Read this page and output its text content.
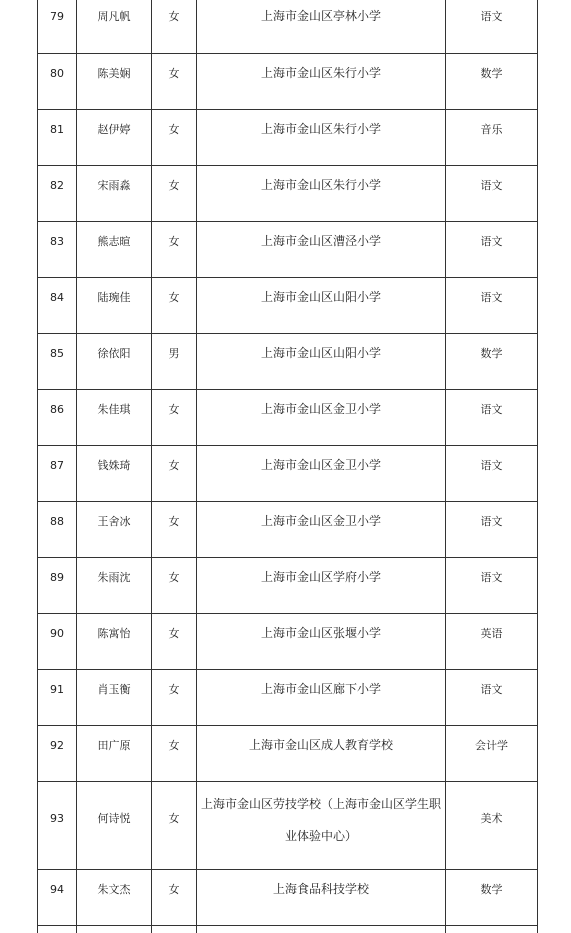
79	周凡帆	女	上海市金山区亭林小学	语文

80	陈美娴	女	上海市金山区朱行小学	数学

81	赵伊婷	女	上海市金山区朱行小学	音乐

82	宋雨淼	女	上海市金山区朱行小学	语文

83	熊志暄	女	上海市金山区漕泾小学	语文

84	陆琬佳	女	上海市金山区山阳小学	语文

85	徐依阳	男	上海市金山区山阳小学	数学

86	朱佳琪	女	上海市金山区金卫小学	语文

87	钱姝琦	女	上海市金山区金卫小学	语文

88	王舍冰	女	上海市金山区金卫小学	语文

89	朱雨沈	女	上海市金山区学府小学	语文

90	陈寓怡	女	上海市金山区张堰小学	英语

91	肖玉衡	女	上海市金山区廊下小学	语文

92	田广原	女	上海市金山区成人教育学校	会计学

93	何诗悦	女	上海市金山区劳技学校（上海市金山区学生职业体验中心）	美术

94	朱文杰	女	上海食品科技学校	数学
